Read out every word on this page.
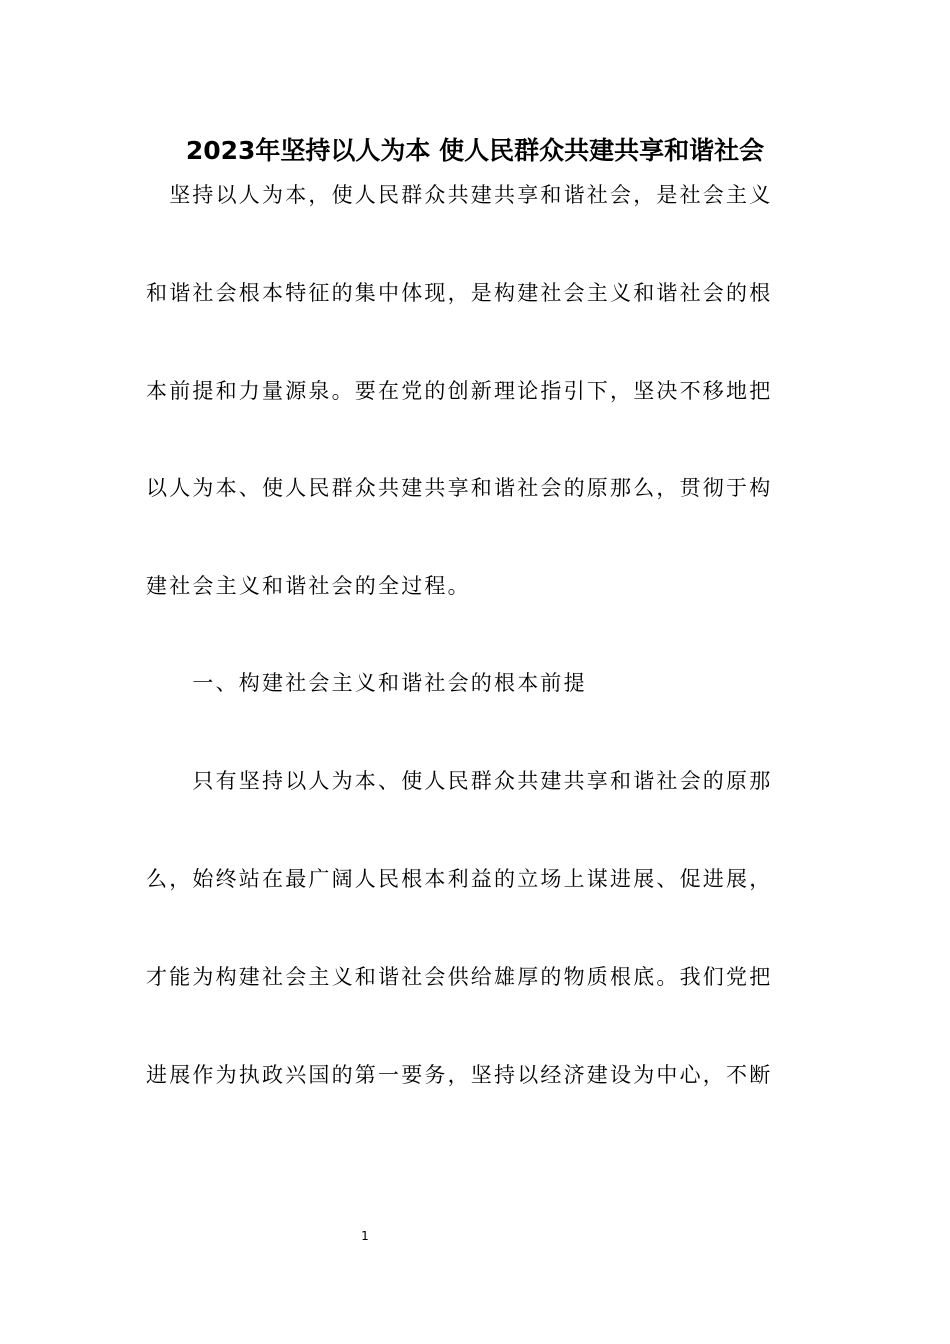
2023年坚持以人为本 使人民群众共建共享和谐社会

　坚持以人为本，使人民群众共建共享和谐社会，是社会主义

和谐社会根本特征的集中体现，是构建社会主义和谐社会的根

本前提和力量源泉。要在党的创新理论指引下，坚决不移地把

以人为本、使人民群众共建共享和谐社会的原那么，贯彻于构

建社会主义和谐社会的全过程。

　　一、构建社会主义和谐社会的根本前提

　　只有坚持以人为本、使人民群众共建共享和谐社会的原那

么，始终站在最广阔人民根本利益的立场上谋进展、促进展，

才能为构建社会主义和谐社会供给雄厚的物质根底。我们党把

进展作为执政兴国的第一要务，坚持以经济建设为中心，不断

1
